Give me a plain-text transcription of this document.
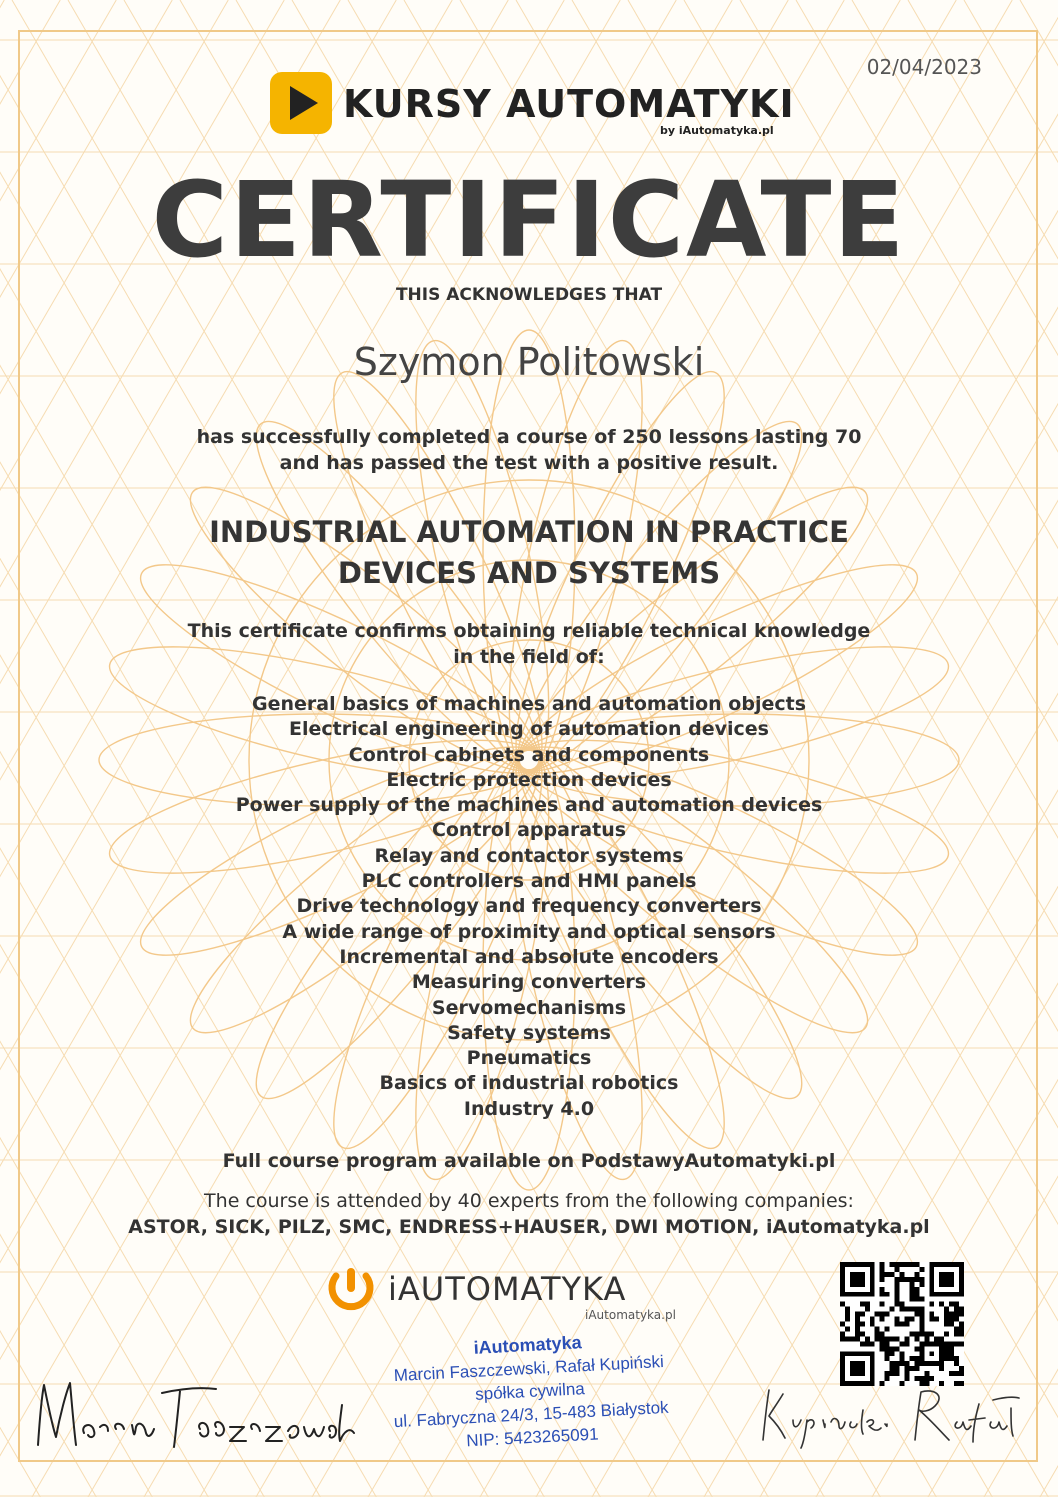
02/04/2023
KURSY AUTOMATYKI
by iAutomatyka.pl
CERTIFICATE
THIS ACKNOWLEDGES THAT
Szymon Politowski
has successfully completed a course of 250 lessons lasting 70
and has passed the test with a positive result.
INDUSTRIAL AUTOMATION IN PRACTICE
DEVICES AND SYSTEMS
This certificate confirms obtaining reliable technical knowledge
in the field of:
General basics of machines and automation objects
Electrical engineering of automation devices
Control cabinets and components
Electric protection devices
Power supply of the machines and automation devices
Control apparatus
Relay and contactor systems
PLC controllers and HMI panels
Drive technology and frequency converters
A wide range of proximity and optical sensors
Incremental and absolute encoders
Measuring converters
Servomechanisms
Safety systems
Pneumatics
Basics of industrial robotics
Industry 4.0
Full course program available on PodstawyAutomatyki.pl
The course is attended by 40 experts from the following companies:
ASTOR, SICK, PILZ, SMC, ENDRESS+HAUSER, DWI MOTION, iAutomatyka.pl
iAUTOMATYKA
iAutomatyka.pl
iAutomatyka
Marcin Faszczewski, Rafał Kupiński
spółka cywilna
ul. Fabryczna 24/3, 15-483 Białystok
NIP: 5423265091
